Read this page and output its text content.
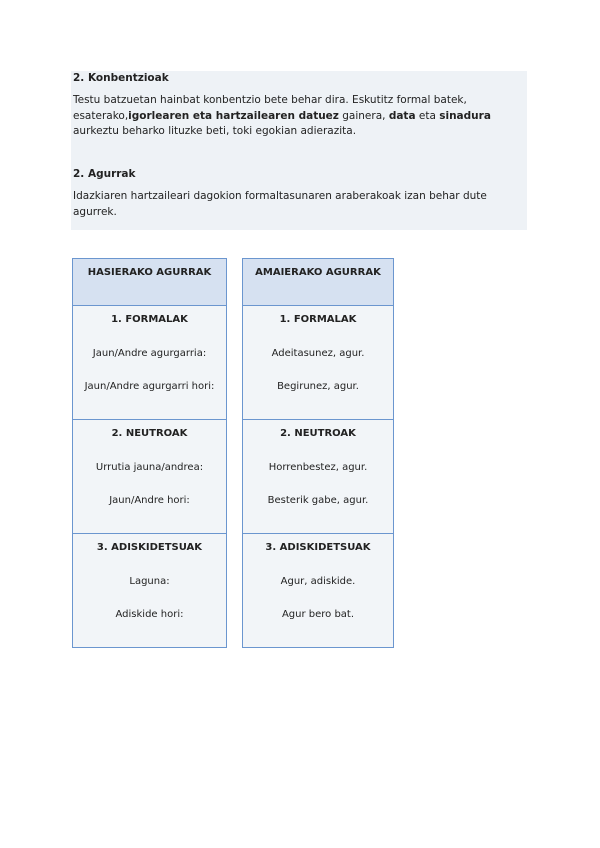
2. Konbentzioak
Testu batzuetan hainbat konbentzio bete behar dira. Eskutitz formal batek,
esaterako,igorlearen eta hartzailearen datuez gainera, data eta sinadura
aurkeztu beharko lituzke beti, toki egokian adierazita.
2. Agurrak
Idazkiaren hartzaileari dagokion formaltasunaren araberakoak izan behar dute
agurrek.
HASIERAKO AGURRAK
1. FORMALAK
Jaun/Andre agurgarria:
Jaun/Andre agurgarri hori:
2. NEUTROAK
Urrutia jauna/andrea:
Jaun/Andre hori:
3. ADISKIDETSUAK
Laguna:
Adiskide hori:
AMAIERAKO AGURRAK
1. FORMALAK
Adeitasunez, agur.
Begirunez, agur.
2. NEUTROAK
Horrenbestez, agur.
Besterik gabe, agur.
3. ADISKIDETSUAK
Agur, adiskide.
Agur bero bat.
